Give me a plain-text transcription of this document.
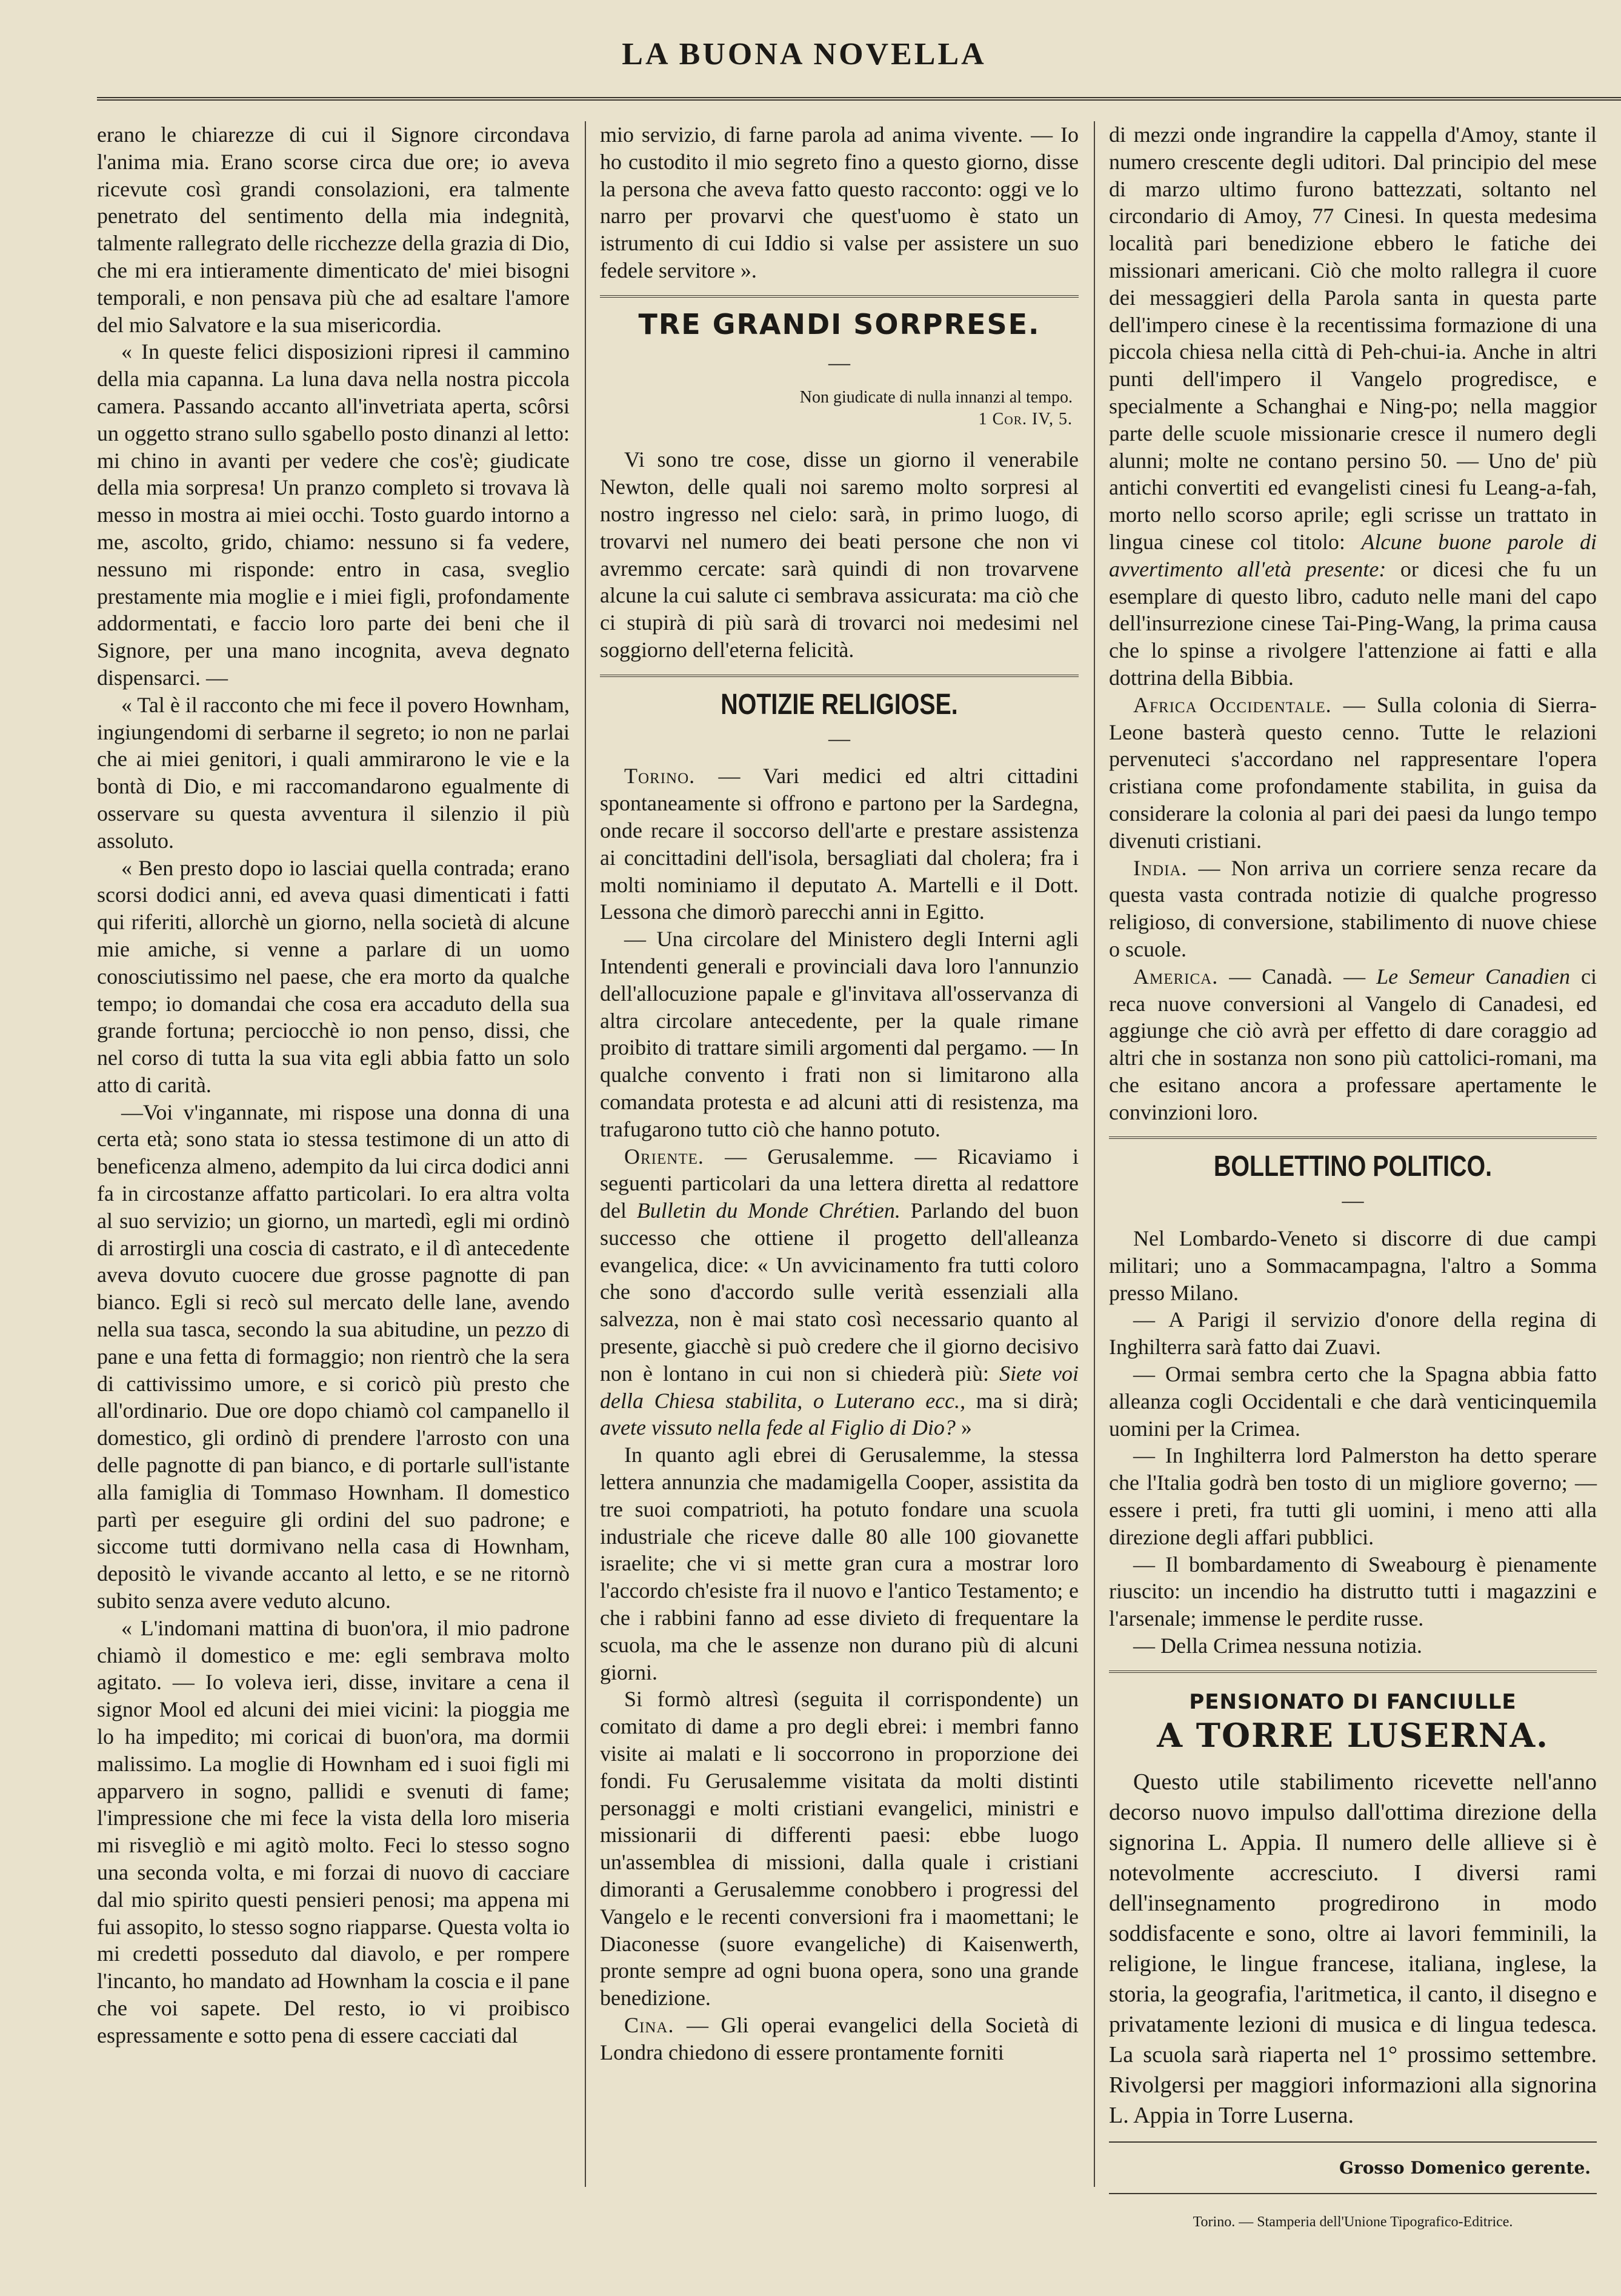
LA BUONA NOVELLA

erano le chiarezze di cui il Signore circondava l'anima mia. Erano scorse circa due ore; io aveva ricevute così grandi consolazioni, era talmente penetrato del sentimento della mia indegnità, talmente rallegrato delle ricchezze della grazia di Dio, che mi era intieramente dimenticato de' miei bisogni temporali, e non pensava più che ad esaltare l'amore del mio Salvatore e la sua misericordia.

« In queste felici disposizioni ripresi il cammino della mia capanna. La luna dava nella nostra piccola camera. Passando accanto all'invetriata aperta, scôrsi un oggetto strano sullo sgabello posto dinanzi al letto: mi chino in avanti per vedere che cos'è; giudicate della mia sorpresa! Un pranzo completo si trovava là messo in mostra ai miei occhi. Tosto guardo intorno a me, ascolto, grido, chiamo: nessuno si fa vedere, nessuno mi risponde: entro in casa, sveglio prestamente mia moglie e i miei figli, profondamente addormentati, e faccio loro parte dei beni che il Signore, per una mano incognita, aveva degnato dispensarci. —

« Tal è il racconto che mi fece il povero Hownham, ingiungendomi di serbarne il segreto; io non ne parlai che ai miei genitori, i quali ammirarono le vie e la bontà di Dio, e mi raccomandarono egualmente di osservare su questa avventura il silenzio il più assoluto.

« Ben presto dopo io lasciai quella contrada; erano scorsi dodici anni, ed aveva quasi dimenticati i fatti qui riferiti, allorchè un giorno, nella società di alcune mie amiche, si venne a parlare di un uomo conosciutissimo nel paese, che era morto da qualche tempo; io domandai che cosa era accaduto della sua grande fortuna; perciocchè io non penso, dissi, che nel corso di tutta la sua vita egli abbia fatto un solo atto di carità.

—Voi v'ingannate, mi rispose una donna di una certa età; sono stata io stessa testimone di un atto di beneficenza almeno, adempito da lui circa dodici anni fa in circostanze affatto particolari. Io era altra volta al suo servizio; un giorno, un martedì, egli mi ordinò di arrostirgli una coscia di castrato, e il dì antecedente aveva dovuto cuocere due grosse pagnotte di pan bianco. Egli si recò sul mercato delle lane, avendo nella sua tasca, secondo la sua abitudine, un pezzo di pane e una fetta di formaggio; non rientrò che la sera di cattivissimo umore, e si coricò più presto che all'ordinario. Due ore dopo chiamò col campanello il domestico, gli ordinò di prendere l'arrosto con una delle pagnotte di pan bianco, e di portarle sull'istante alla famiglia di Tommaso Hownham. Il domestico partì per eseguire gli ordini del suo padrone; e siccome tutti dormivano nella casa di Hownham, depositò le vivande accanto al letto, e se ne ritornò subito senza avere veduto alcuno.

« L'indomani mattina di buon'ora, il mio padrone chiamò il domestico e me: egli sembrava molto agitato. — Io voleva ieri, disse, invitare a cena il signor Mool ed alcuni dei miei vicini: la pioggia me lo ha impedito; mi coricai di buon'ora, ma dormii malissimo. La moglie di Hownham ed i suoi figli mi apparvero in sogno, pallidi e svenuti di fame; l'impressione che mi fece la vista della loro miseria mi risvegliò e mi agitò molto. Feci lo stesso sogno una seconda volta, e mi forzai di nuovo di cacciare dal mio spirito questi pensieri penosi; ma appena mi fui assopito, lo stesso sogno riapparse. Questa volta io mi credetti posseduto dal diavolo, e per rompere l'incanto, ho mandato ad Hownham la coscia e il pane che voi sapete. Del resto, io vi proibisco espressamente e sotto pena di essere cacciati dal

mio servizio, di farne parola ad anima vivente. — Io ho custodito il mio segreto fino a questo giorno, disse la persona che aveva fatto questo racconto: oggi ve lo narro per provarvi che quest'uomo è stato un istrumento di cui Iddio si valse per assistere un suo fedele servitore ».

TRE GRANDI SORPRESE.
—
Non giudicate di nulla innanzi al tempo.
1 Cor. IV, 5.

Vi sono tre cose, disse un giorno il venerabile Newton, delle quali noi saremo molto sorpresi al nostro ingresso nel cielo: sarà, in primo luogo, di trovarvi nel numero dei beati persone che non vi avremmo cercate: sarà quindi di non trovarvene alcune la cui salute ci sembrava assicurata: ma ciò che ci stupirà di più sarà di trovarci noi medesimi nel soggiorno dell'eterna felicità.

NOTIZIE RELIGIOSE.
—

Torino. — Vari medici ed altri cittadini spontaneamente si offrono e partono per la Sardegna, onde recare il soccorso dell'arte e prestare assistenza ai concittadini dell'isola, bersagliati dal cholera; fra i molti nominiamo il deputato A. Martelli e il Dott. Lessona che dimorò parecchi anni in Egitto.

— Una circolare del Ministero degli Interni agli Intendenti generali e provinciali dava loro l'annunzio dell'allocuzione papale e gl'invitava all'osservanza di altra circolare antecedente, per la quale rimane proibito di trattare simili argomenti dal pergamo. — In qualche convento i frati non si limitarono alla comandata protesta e ad alcuni atti di resistenza, ma trafugarono tutto ciò che hanno potuto.

Oriente. — Gerusalemme. — Ricaviamo i seguenti particolari da una lettera diretta al redattore del Bulletin du Monde Chrétien. Parlando del buon successo che ottiene il progetto dell'alleanza evangelica, dice: « Un avvicinamento fra tutti coloro che sono d'accordo sulle verità essenziali alla salvezza, non è mai stato così necessario quanto al presente, giacchè si può credere che il giorno decisivo non è lontano in cui non si chiederà più: Siete voi della Chiesa stabilita, o Luterano ecc., ma si dirà; avete vissuto nella fede al Figlio di Dio? »

In quanto agli ebrei di Gerusalemme, la stessa lettera annunzia che madamigella Cooper, assistita da tre suoi compatrioti, ha potuto fondare una scuola industriale che riceve dalle 80 alle 100 giovanette israelite; che vi si mette gran cura a mostrar loro l'accordo ch'esiste fra il nuovo e l'antico Testamento; e che i rabbini fanno ad esse divieto di frequentare la scuola, ma che le assenze non durano più di alcuni giorni.

Si formò altresì (seguita il corrispondente) un comitato di dame a pro degli ebrei: i membri fanno visite ai malati e li soccorrono in proporzione dei fondi. Fu Gerusalemme visitata da molti distinti personaggi e molti cristiani evangelici, ministri e missionarii di differenti paesi: ebbe luogo un'assemblea di missioni, dalla quale i cristiani dimoranti a Gerusalemme conobbero i progressi del Vangelo e le recenti conversioni fra i maomettani; le Diaconesse (suore evangeliche) di Kaisenwerth, pronte sempre ad ogni buona opera, sono una grande benedizione.

Cina. — Gli operai evangelici della Società di Londra chiedono di essere prontamente forniti

di mezzi onde ingrandire la cappella d'Amoy, stante il numero crescente degli uditori. Dal principio del mese di marzo ultimo furono battezzati, soltanto nel circondario di Amoy, 77 Cinesi. In questa medesima località pari benedizione ebbero le fatiche dei missionari americani. Ciò che molto rallegra il cuore dei messaggieri della Parola santa in questa parte dell'impero cinese è la recentissima formazione di una piccola chiesa nella città di Peh-chui-ia. Anche in altri punti dell'impero il Vangelo progredisce, e specialmente a Schanghai e Ning-po; nella maggior parte delle scuole missionarie cresce il numero degli alunni; molte ne contano persino 50. — Uno de' più antichi convertiti ed evangelisti cinesi fu Leang-a-fah, morto nello scorso aprile; egli scrisse un trattato in lingua cinese col titolo: Alcune buone parole di avvertimento all'età presente: or dicesi che fu un esemplare di questo libro, caduto nelle mani del capo dell'insurrezione cinese Tai-Ping-Wang, la prima causa che lo spinse a rivolgere l'attenzione ai fatti e alla dottrina della Bibbia.

Africa Occidentale. — Sulla colonia di Sierra-Leone basterà questo cenno. Tutte le relazioni pervenuteci s'accordano nel rappresentare l'opera cristiana come profondamente stabilita, in guisa da considerare la colonia al pari dei paesi da lungo tempo divenuti cristiani.

India. — Non arriva un corriere senza recare da questa vasta contrada notizie di qualche progresso religioso, di conversione, stabilimento di nuove chiese o scuole.

America. — Canadà. — Le Semeur Canadien ci reca nuove conversioni al Vangelo di Canadesi, ed aggiunge che ciò avrà per effetto di dare coraggio ad altri che in sostanza non sono più cattolici-romani, ma che esitano ancora a professare apertamente le convinzioni loro.

BOLLETTINO POLITICO.
—

Nel Lombardo-Veneto si discorre di due campi militari; uno a Sommacampagna, l'altro a Somma presso Milano.

— A Parigi il servizio d'onore della regina di Inghilterra sarà fatto dai Zuavi.

— Ormai sembra certo che la Spagna abbia fatto alleanza cogli Occidentali e che darà venticinquemila uomini per la Crimea.

— In Inghilterra lord Palmerston ha detto sperare che l'Italia godrà ben tosto di un migliore governo; — essere i preti, fra tutti gli uomini, i meno atti alla direzione degli affari pubblici.

— Il bombardamento di Sweabourg è pienamente riuscito: un incendio ha distrutto tutti i magazzini e l'arsenale; immense le perdite russe.

— Della Crimea nessuna notizia.

PENSIONATO DI FANCIULLE
A TORRE LUSERNA.

Questo utile stabilimento ricevette nell'anno decorso nuovo impulso dall'ottima direzione della signorina L. Appia. Il numero delle allieve si è notevolmente accresciuto. I diversi rami dell'insegnamento progredirono in modo soddisfacente e sono, oltre ai lavori femminili, la religione, le lingue francese, italiana, inglese, la storia, la geografia, l'aritmetica, il canto, il disegno e privatamente lezioni di musica e di lingua tedesca. La scuola sarà riaperta nel 1° prossimo settembre. Rivolgersi per maggiori informazioni alla signorina L. Appia in Torre Luserna.

Grosso Domenico gerente.
Torino. — Stamperia dell'Unione Tipografico-Editrice.
